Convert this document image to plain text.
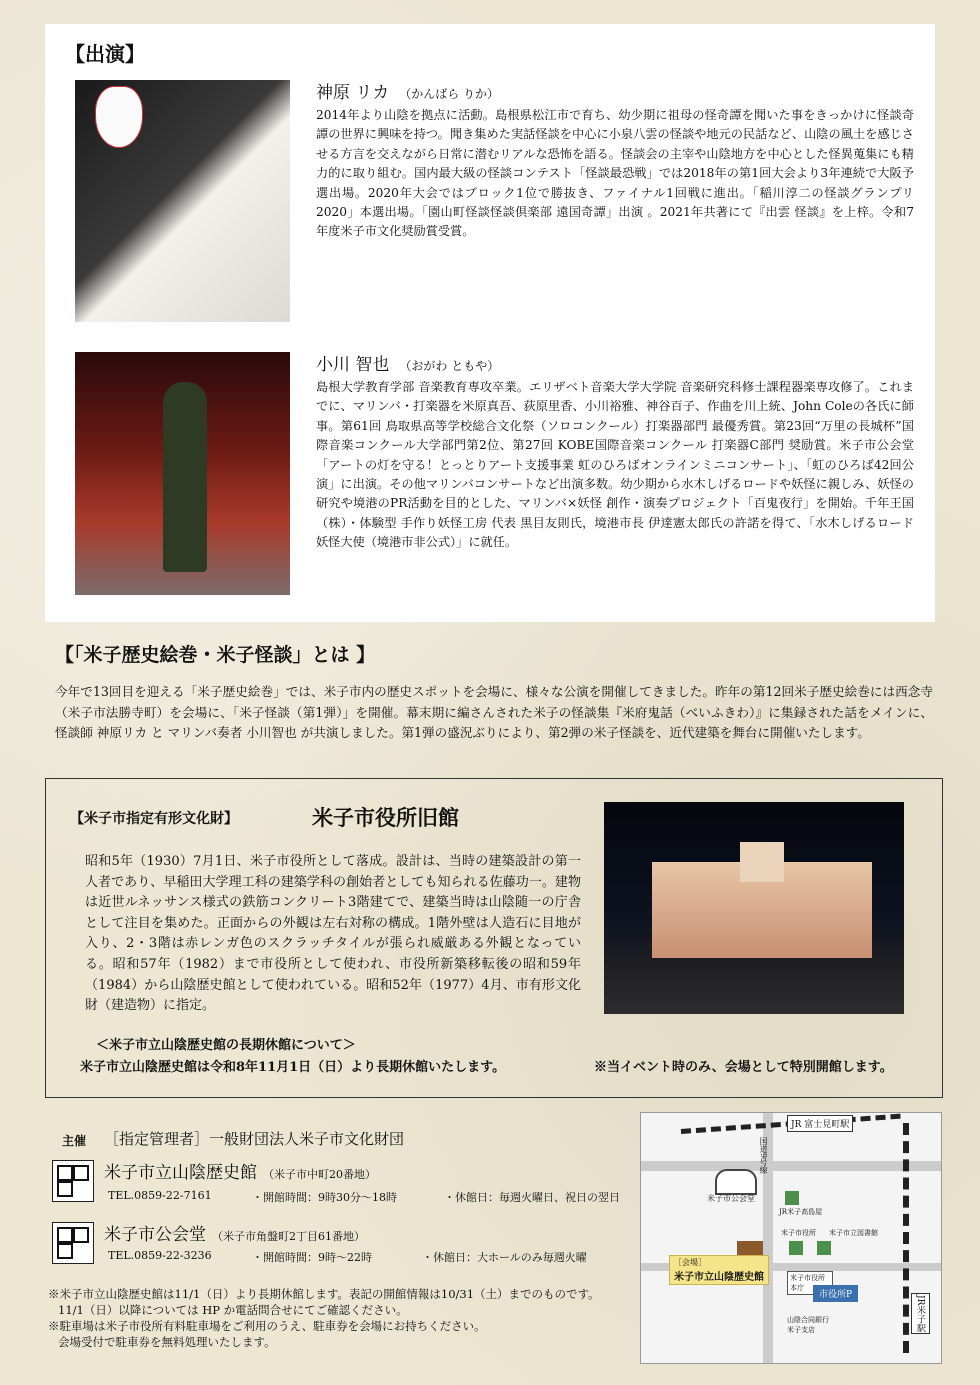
【出演】
神原 リカ （かんばら りか）
2014年より山陰を拠点に活動。島根県松江市で育ち、幼少期に祖母の怪奇譚を聞いた事をきっかけに怪談奇譚の世界に興味を持つ。聞き集めた実話怪談を中心に小泉八雲の怪談や地元の民話など、山陰の風土を感じさせる方言を交えながら日常に潜むリアルな恐怖を語る。怪談会の主宰や山陰地方を中心とした怪異蒐集にも精力的に取り組む。国内最大級の怪談コンテスト「怪談最恐戦」では2018年の第1回大会より3年連続で大阪予選出場。2020年大会ではブロック1位で勝抜き、ファイナル1回戦に進出。「稲川淳二の怪談グランプリ2020」本選出場。「園山町怪談怪談倶楽部 遠国奇譚」出演 。2021年共著にて『出雲 怪談』を上梓。令和7年度米子市文化奨励賞受賞。
小川 智也 （おがわ ともや）
島根大学教育学部 音楽教育専攻卒業。エリザベト音楽大学大学院 音楽研究科修士課程器楽専攻修了。これまでに、マリンバ・打楽器を米原真吾、荻原里香、小川裕雅、神谷百子、作曲を川上統、John Coleの各氏に師事。第61回 鳥取県高等学校総合文化祭（ソロコンクール）打楽器部門 最優秀賞。第23回“万里の長城杯”国際音楽コンクール大学部門第2位、第27回 KOBE国際音楽コンクール 打楽器C部門 奨励賞。米子市公会堂「アートの灯を守る！とっとりアート支援事業 虹のひろばオンラインミニコンサート」、「虹のひろば42回公演」に出演。その他マリンバコンサートなど出演多数。幼少期から水木しげるロードや妖怪に親しみ、妖怪の研究や境港のPR活動を目的とした、マリンバ×妖怪 創作・演奏プロジェクト「百鬼夜行」を開始。千年王国（株）・体験型 手作り妖怪工房 代表 黒目友則氏，境港市長 伊達憲太郎氏の許諾を得て、「水木しげるロード 妖怪大使（境港市非公式）」に就任。
【「米子歴史絵巻・米子怪談」とは 】
今年で13回目を迎える「米子歴史絵巻」では、米子市内の歴史スポットを会場に、様々な公演を開催してきました。昨年の第12回米子歴史絵巻には西念寺（米子市法勝寺町）を会場に、「米子怪談（第1弾）」を開催。幕末期に編さんされた米子の怪談集『米府鬼話（べいふきわ）』に集録された話をメインに、怪談師 神原リカ と マリンバ奏者 小川智也 が共演しました。第1弾の盛況ぶりにより、第2弾の米子怪談を、近代建築を舞台に開催いたします。
【米子市指定有形文化財】	米子市役所旧館
昭和5年（1930）7月1日、米子市役所として落成。設計は、当時の建築設計の第一人者であり、早稲田大学理工科の建築学科の創始者としても知られる佐藤功一。建物は近世ルネッサンス様式の鉄筋コンクリート3階建てで、建築当時は山陰随一の庁舎として注目を集めた。正面からの外観は左右対称の構成。1階外壁は人造石に目地が入り、2・3階は赤レンガ色のスクラッチタイルが張られ威厳ある外観となっている。昭和57年（1982）まで市役所として使われ、市役所新築移転後の昭和59年（1984）から山陰歴史館として使われている。昭和52年（1977）4月、市有形文化財（建造物）に指定。
＜米子市立山陰歴史館の長期休館について＞
米子市立山陰歴史館は令和8年11月1日（日）より長期休館いたします。	※当イベント時のみ、会場として特別開館します。
主催 ［指定管理者］一般財団法人米子市文化財団
米子市立山陰歴史館 （米子市中町20番地）
TEL.0859-22-7161	・開館時間：9時30分～18時	・休館日：毎週火曜日、祝日の翌日
米子市公会堂 （米子市角盤町2丁目61番地）
TEL.0859-22-3236	・開館時間：9時～22時	・休館日：大ホールのみ毎週火曜
※米子市立山陰歴史館は11/1（日）より長期休館します。表記の開館情報は10/31（土）までのものです。
11/1（日）以降については HP か電話問合せにてご確認ください。
※駐車場は米子市役所有料駐車場をご利用のうえ、駐車券を会場にお持ちください。
会場受付で駐車券を無料処理いたします。
JR 富士見町駅
JR米子駅
国道9号線
米子市公会堂
JR米子高島屋
米子市役所 米子市立図書館
［会場］
米子市立山陰歴史館	米子市役所本庁
市役所P
山陰合同銀行米子支店
